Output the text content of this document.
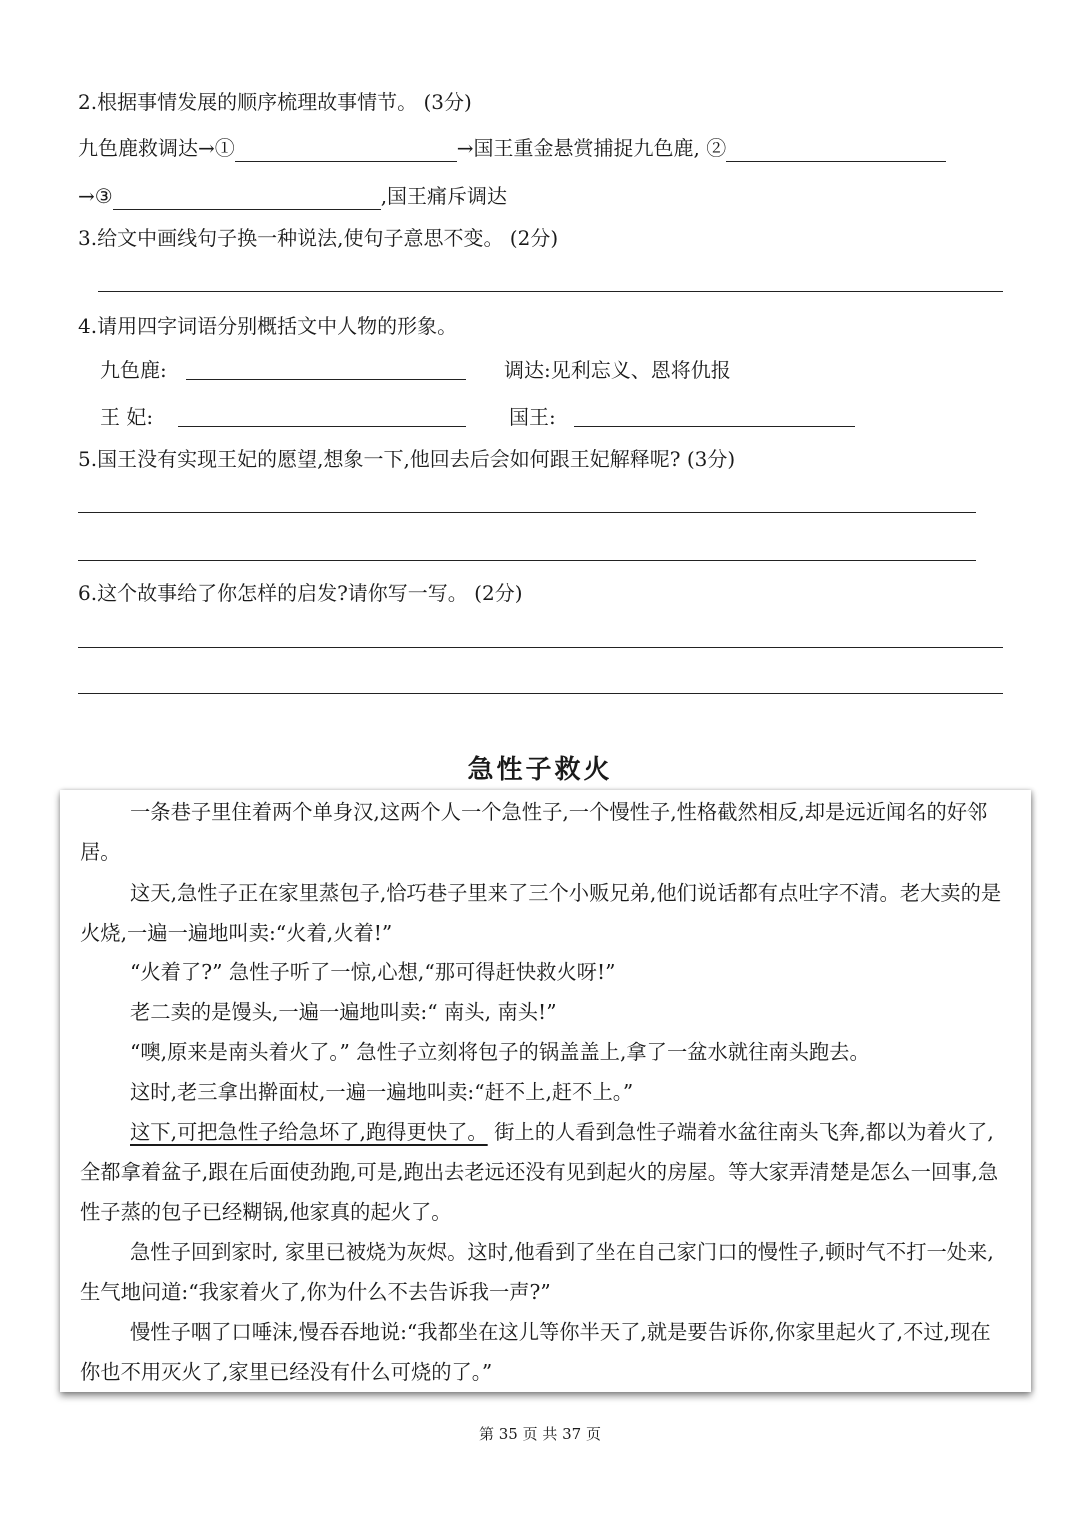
2.根据事情发展的顺序梳理故事情节。 (3分)
九色鹿救调达→①	→国王重金悬赏捕捉九色鹿, ②
→③	,国王痛斥调达
3.给文中画线句子换一种说法,使句子意思不变。 (2分)
4.请用四字词语分别概括文中人物的形象。
九色鹿:	调达:见利忘义、恩将仇报
王 妃:	国王:
5.国王没有实现王妃的愿望,想象一下,他回去后会如何跟王妃解释呢? (3分)
6.这个故事给了你怎样的启发?请你写一写。 (2分)
急性子救火

一条巷子里住着两个单身汉,这两个人一个急性子,一个慢性子,性格截然相反,却是远近闻名的好邻居。

这天,急性子正在家里蒸包子,恰巧巷子里来了三个小贩兄弟,他们说话都有点吐字不清。老大卖的是火烧,一遍一遍地叫卖:“火着,火着!”

“火着了?” 急性子听了一惊,心想,“那可得赶快救火呀!”

老二卖的是馒头,一遍一遍地叫卖:“ 南头, 南头!”

“噢,原来是南头着火了。” 急性子立刻将包子的锅盖盖上,拿了一盆水就往南头跑去。

这时,老三拿出擀面杖,一遍一遍地叫卖:“赶不上,赶不上。”

这下,可把急性子给急坏了,跑得更快了。 街上的人看到急性子端着水盆往南头飞奔,都以为着火了,全都拿着盆子,跟在后面使劲跑,可是,跑出去老远还没有见到起火的房屋。等大家弄清楚是怎么一回事,急性子蒸的包子已经糊锅,他家真的起火了。

急性子回到家时, 家里已被烧为灰烬。这时,他看到了坐在自己家门口的慢性子,顿时气不打一处来,生气地问道:“我家着火了,你为什么不去告诉我一声?”

慢性子咽了口唾沫,慢吞吞地说:“我都坐在这儿等你半天了,就是要告诉你,你家里起火了,不过,现在你也不用灭火了,家里已经没有什么可烧的了。”

第 35 页 共 37 页
